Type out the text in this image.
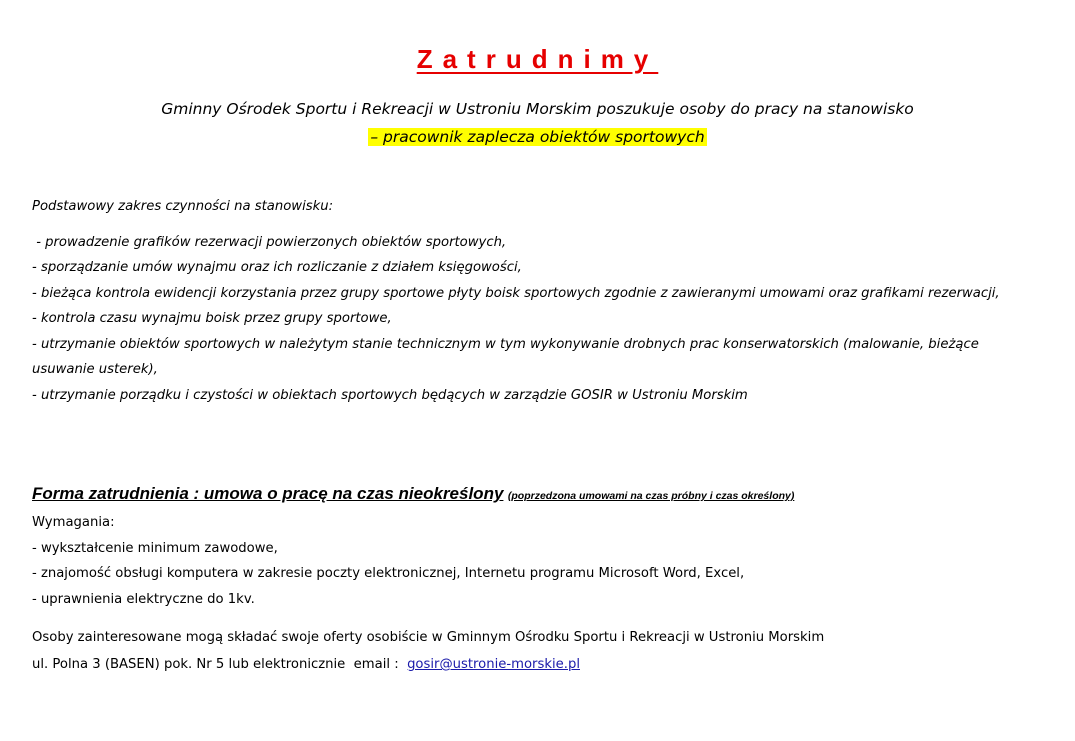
Zatrudnimy
Gminny Ośrodek Sportu i Rekreacji w Ustroniu Morskim poszukuje osoby do pracy na stanowisko
– pracownik zaplecza obiektów sportowych
Podstawowy zakres czynności na stanowisku:
- prowadzenie grafików rezerwacji powierzonych obiektów sportowych,
- sporządzanie umów wynajmu oraz ich rozliczanie z działem księgowości,
- bieżąca kontrola ewidencji korzystania przez grupy sportowe płyty boisk sportowych zgodnie z zawieranymi umowami oraz grafikami rezerwacji,
- kontrola czasu wynajmu boisk przez grupy sportowe,
- utrzymanie obiektów sportowych w należytym stanie technicznym w tym wykonywanie drobnych prac konserwatorskich (malowanie, bieżące usuwanie usterek),
- utrzymanie porządku i czystości w obiektach sportowych będących w zarządzie GOSIR w Ustroniu Morskim
Forma zatrudnienia : umowa o pracę na czas nieokreślony (poprzedzona umowami na czas próbny i czas określony)
Wymagania:
- wykształcenie minimum zawodowe,
- znajomość obsługi komputera w zakresie poczty elektronicznej, Internetu programu Microsoft Word, Excel,
- uprawnienia elektryczne do 1kv.
Osoby zainteresowane mogą składać swoje oferty osobiście w Gminnym Ośrodku Sportu i Rekreacji w Ustroniu Morskim
ul. Polna 3 (BASEN) pok. Nr 5 lub elektronicznie  email :  gosir@ustronie-morskie.pl
